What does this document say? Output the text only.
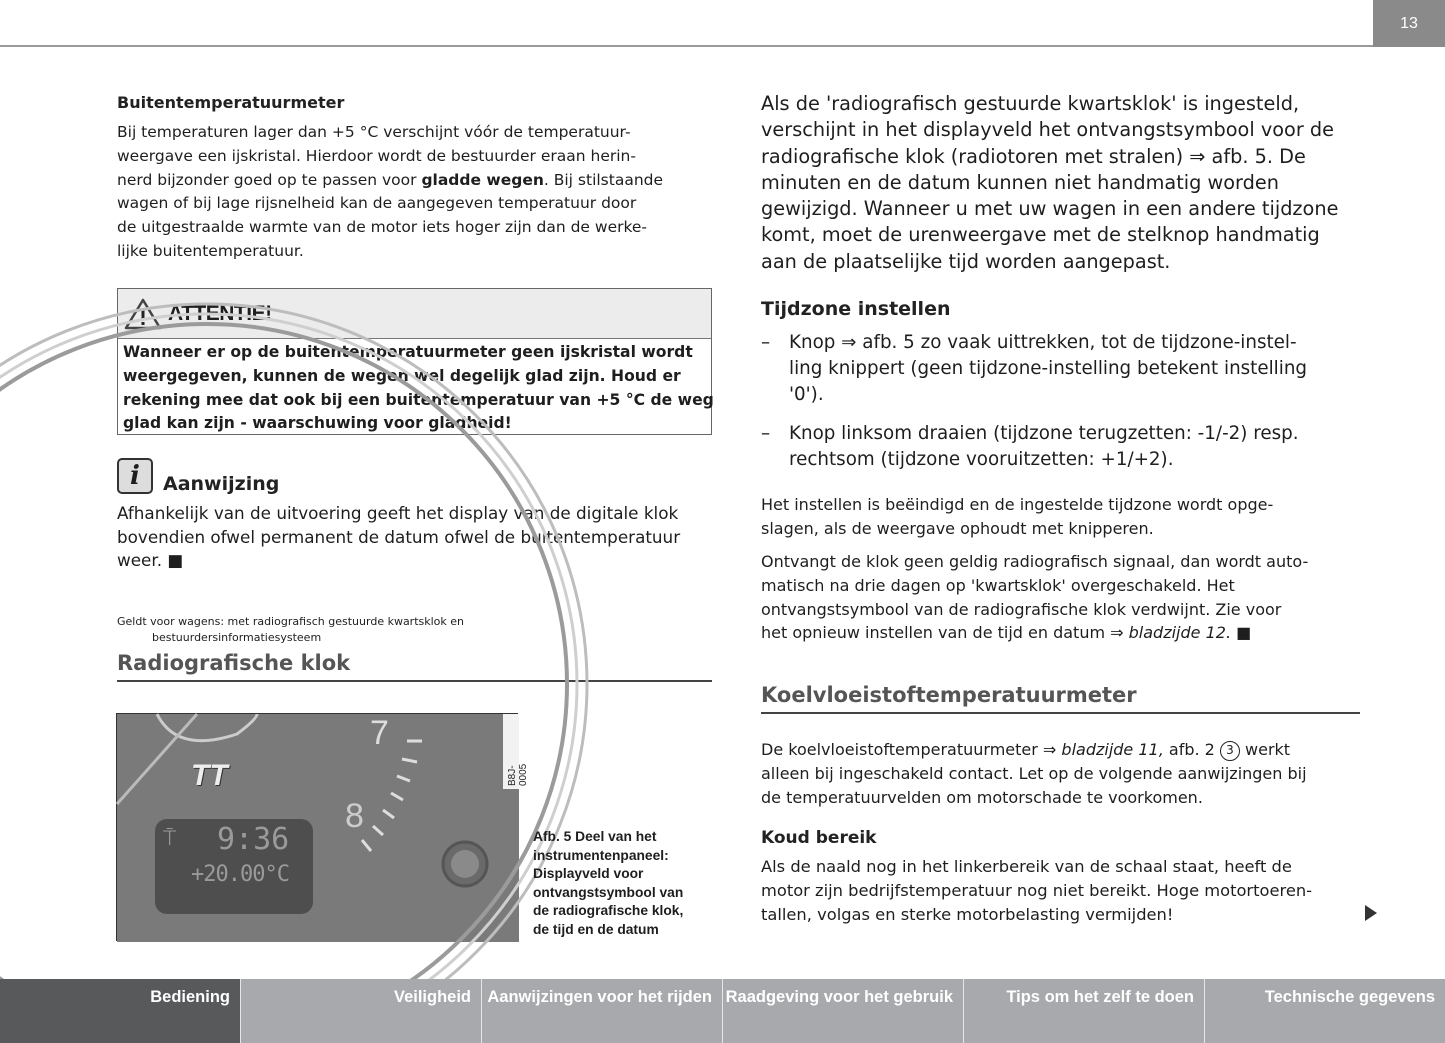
13
Buitentemperatuurmeter
Bij temperaturen lager dan +5 °C verschijnt vóór de temperatuur-
weergave een ijskristal. Hierdoor wordt de bestuurder eraan herin-
nerd bijzonder goed op te passen voor gladde wegen. Bij stilstaande
wagen of bij lage rijsnelheid kan de aangegeven temperatuur door
de uitgestraalde warmte van de motor iets hoger zijn dan de werke-
lijke buitentemperatuur.
ATTENTIE!
Wanneer er op de buitentemperatuurmeter geen ijskristal wordt
weergegeven, kunnen de wegen wel degelijk glad zijn. Houd er
rekening mee dat ook bij een buitentemperatuur van +5 °C de weg
glad kan zijn - waarschuwing voor gladheid!
i	Aanwijzing
Afhankelijk van de uitvoering geeft het display van de digitale klok
bovendien ofwel permanent de datum ofwel de buitentemperatuur
weer. ■
Geldt voor wagens: met radiografisch gestuurde kwartsklok en
bestuurdersinformatiesysteem
Radiografische klok
B8J-0005
TT
7
8
⍑ 9:36
+20.00°C
Afb. 5 Deel van het
instrumentenpaneel:
Displayveld voor
ontvangstsymbool van
de radiografische klok,
de tijd en de datum
Als de 'radiografisch gestuurde kwartsklok' is ingesteld,
verschijnt in het displayveld het ontvangstsymbool voor de
radiografische klok (radiotoren met stralen) ⇒ afb. 5. De
minuten en de datum kunnen niet handmatig worden
gewijzigd. Wanneer u met uw wagen in een andere tijdzone
komt, moet de urenweergave met de stelknop handmatig
aan de plaatselijke tijd worden aangepast.
Tijdzone instellen
– Knop ⇒ afb. 5 zo vaak uittrekken, tot de tijdzone-instel-
ling knippert (geen tijdzone-instelling betekent instelling
'0').
– Knop linksom draaien (tijdzone terugzetten: -1/-2) resp.
rechtsom (tijdzone vooruitzetten: +1/+2).
Het instellen is beëindigd en de ingestelde tijdzone wordt opge-
slagen, als de weergave ophoudt met knipperen.
Ontvangt de klok geen geldig radiografisch signaal, dan wordt auto-
matisch na drie dagen op 'kwartsklok' overgeschakeld. Het
ontvangstsymbool van de radiografische klok verdwijnt. Zie voor
het opnieuw instellen van de tijd en datum ⇒ bladzijde 12. ■
Koelvloeistoftemperatuurmeter
De koelvloeistoftemperatuurmeter ⇒ bladzijde 11, afb. 2 3 werkt
alleen bij ingeschakeld contact. Let op de volgende aanwijzingen bij
de temperatuurvelden om motorschade te voorkomen.
Koud bereik
Als de naald nog in het linkerbereik van de schaal staat, heeft de
motor zijn bedrijfstemperatuur nog niet bereikt. Hoge motortoeren-
tallen, volgas en sterke motorbelasting vermijden!
Bediening	Veiligheid Aanwijzingen voor het rijden Raadgeving voor het gebruik	Tips om het zelf te doen	Technische gegevens
